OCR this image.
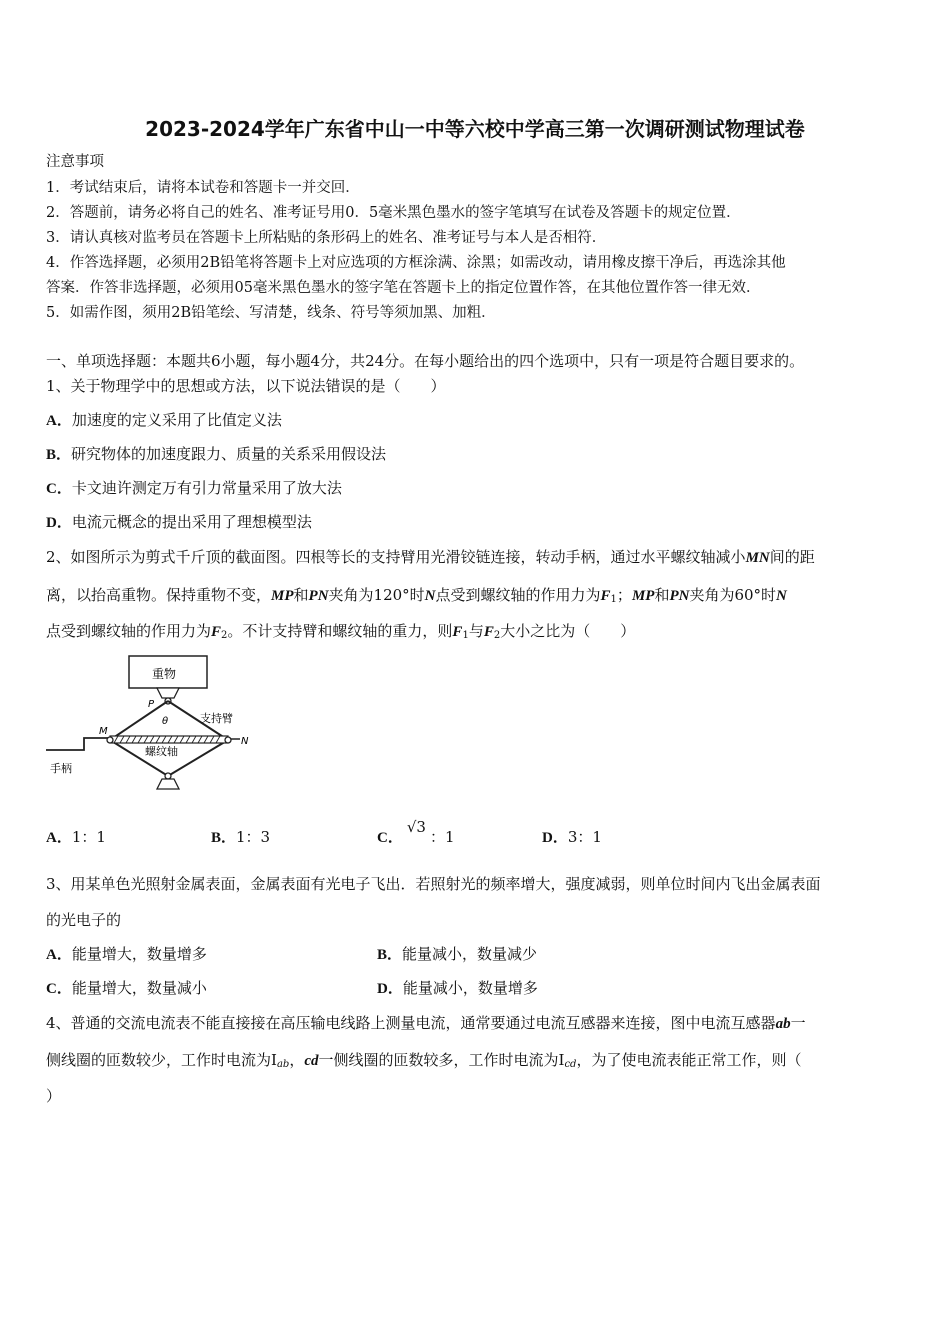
2023-2024学年广东省中山一中等六校中学高三第一次调研测试物理试卷
注意事项
1．考试结束后，请将本试卷和答题卡一并交回．
2．答题前，请务必将自己的姓名、准考证号用0．5毫米黑色墨水的签字笔填写在试卷及答题卡的规定位置．
3．请认真核对监考员在答题卡上所粘贴的条形码上的姓名、准考证号与本人是否相符．
4．作答选择题，必须用2B铅笔将答题卡上对应选项的方框涂满、涂黑；如需改动，请用橡皮擦干净后，再选涂其他
答案．作答非选择题，必须用05毫米黑色墨水的签字笔在答题卡上的指定位置作答，在其他位置作答一律无效．
5．如需作图，须用2B铅笔绘、写清楚，线条、符号等须加黑、加粗．
一、单项选择题：本题共6小题，每小题4分，共24分。在每小题给出的四个选项中，只有一项是符合题目要求的。
1、关于物理学中的思想或方法，以下说法错误的是（　　）
A．加速度的定义采用了比值定义法
B．研究物体的加速度跟力、质量的关系采用假设法
C．卡文迪许测定万有引力常量采用了放大法
D．电流元概念的提出采用了理想模型法
2、如图所示为剪式千斤顶的截面图。四根等长的支持臂用光滑铰链连接，转动手柄，通过水平螺纹轴减小MN间的距
离，以抬高重物。保持重物不变，MP和PN夹角为120°时N点受到螺纹轴的作用力为$F_1$；MP和PN夹角为60°时N
点受到螺纹轴的作用力为$F_2$。不计支持臂和螺纹轴的重力，则$F_1$与$F_2$大小之比为（　　）
重物
P
θ	支持臂
螺纹轴
M
N
手柄
A．1：1	B．1：3	C．√3：1	D．3：1
3、用某单色光照射金属表面，金属表面有光电子飞出．若照射光的频率增大，强度减弱，则单位时间内飞出金属表面
的光电子的
A．能量增大，数量增多	B．能量减小，数量减少
C．能量增大，数量减小	D．能量减小，数量增多
4、普通的交流电流表不能直接接在高压输电线路上测量电流，通常要通过电流互感器来连接，图中电流互感器ab一
侧线圈的匝数较少，工作时电流为$I_{ab}$，cd一侧线圈的匝数较多，工作时电流为$I_{cd}$，为了使电流表能正常工作，则（
）
